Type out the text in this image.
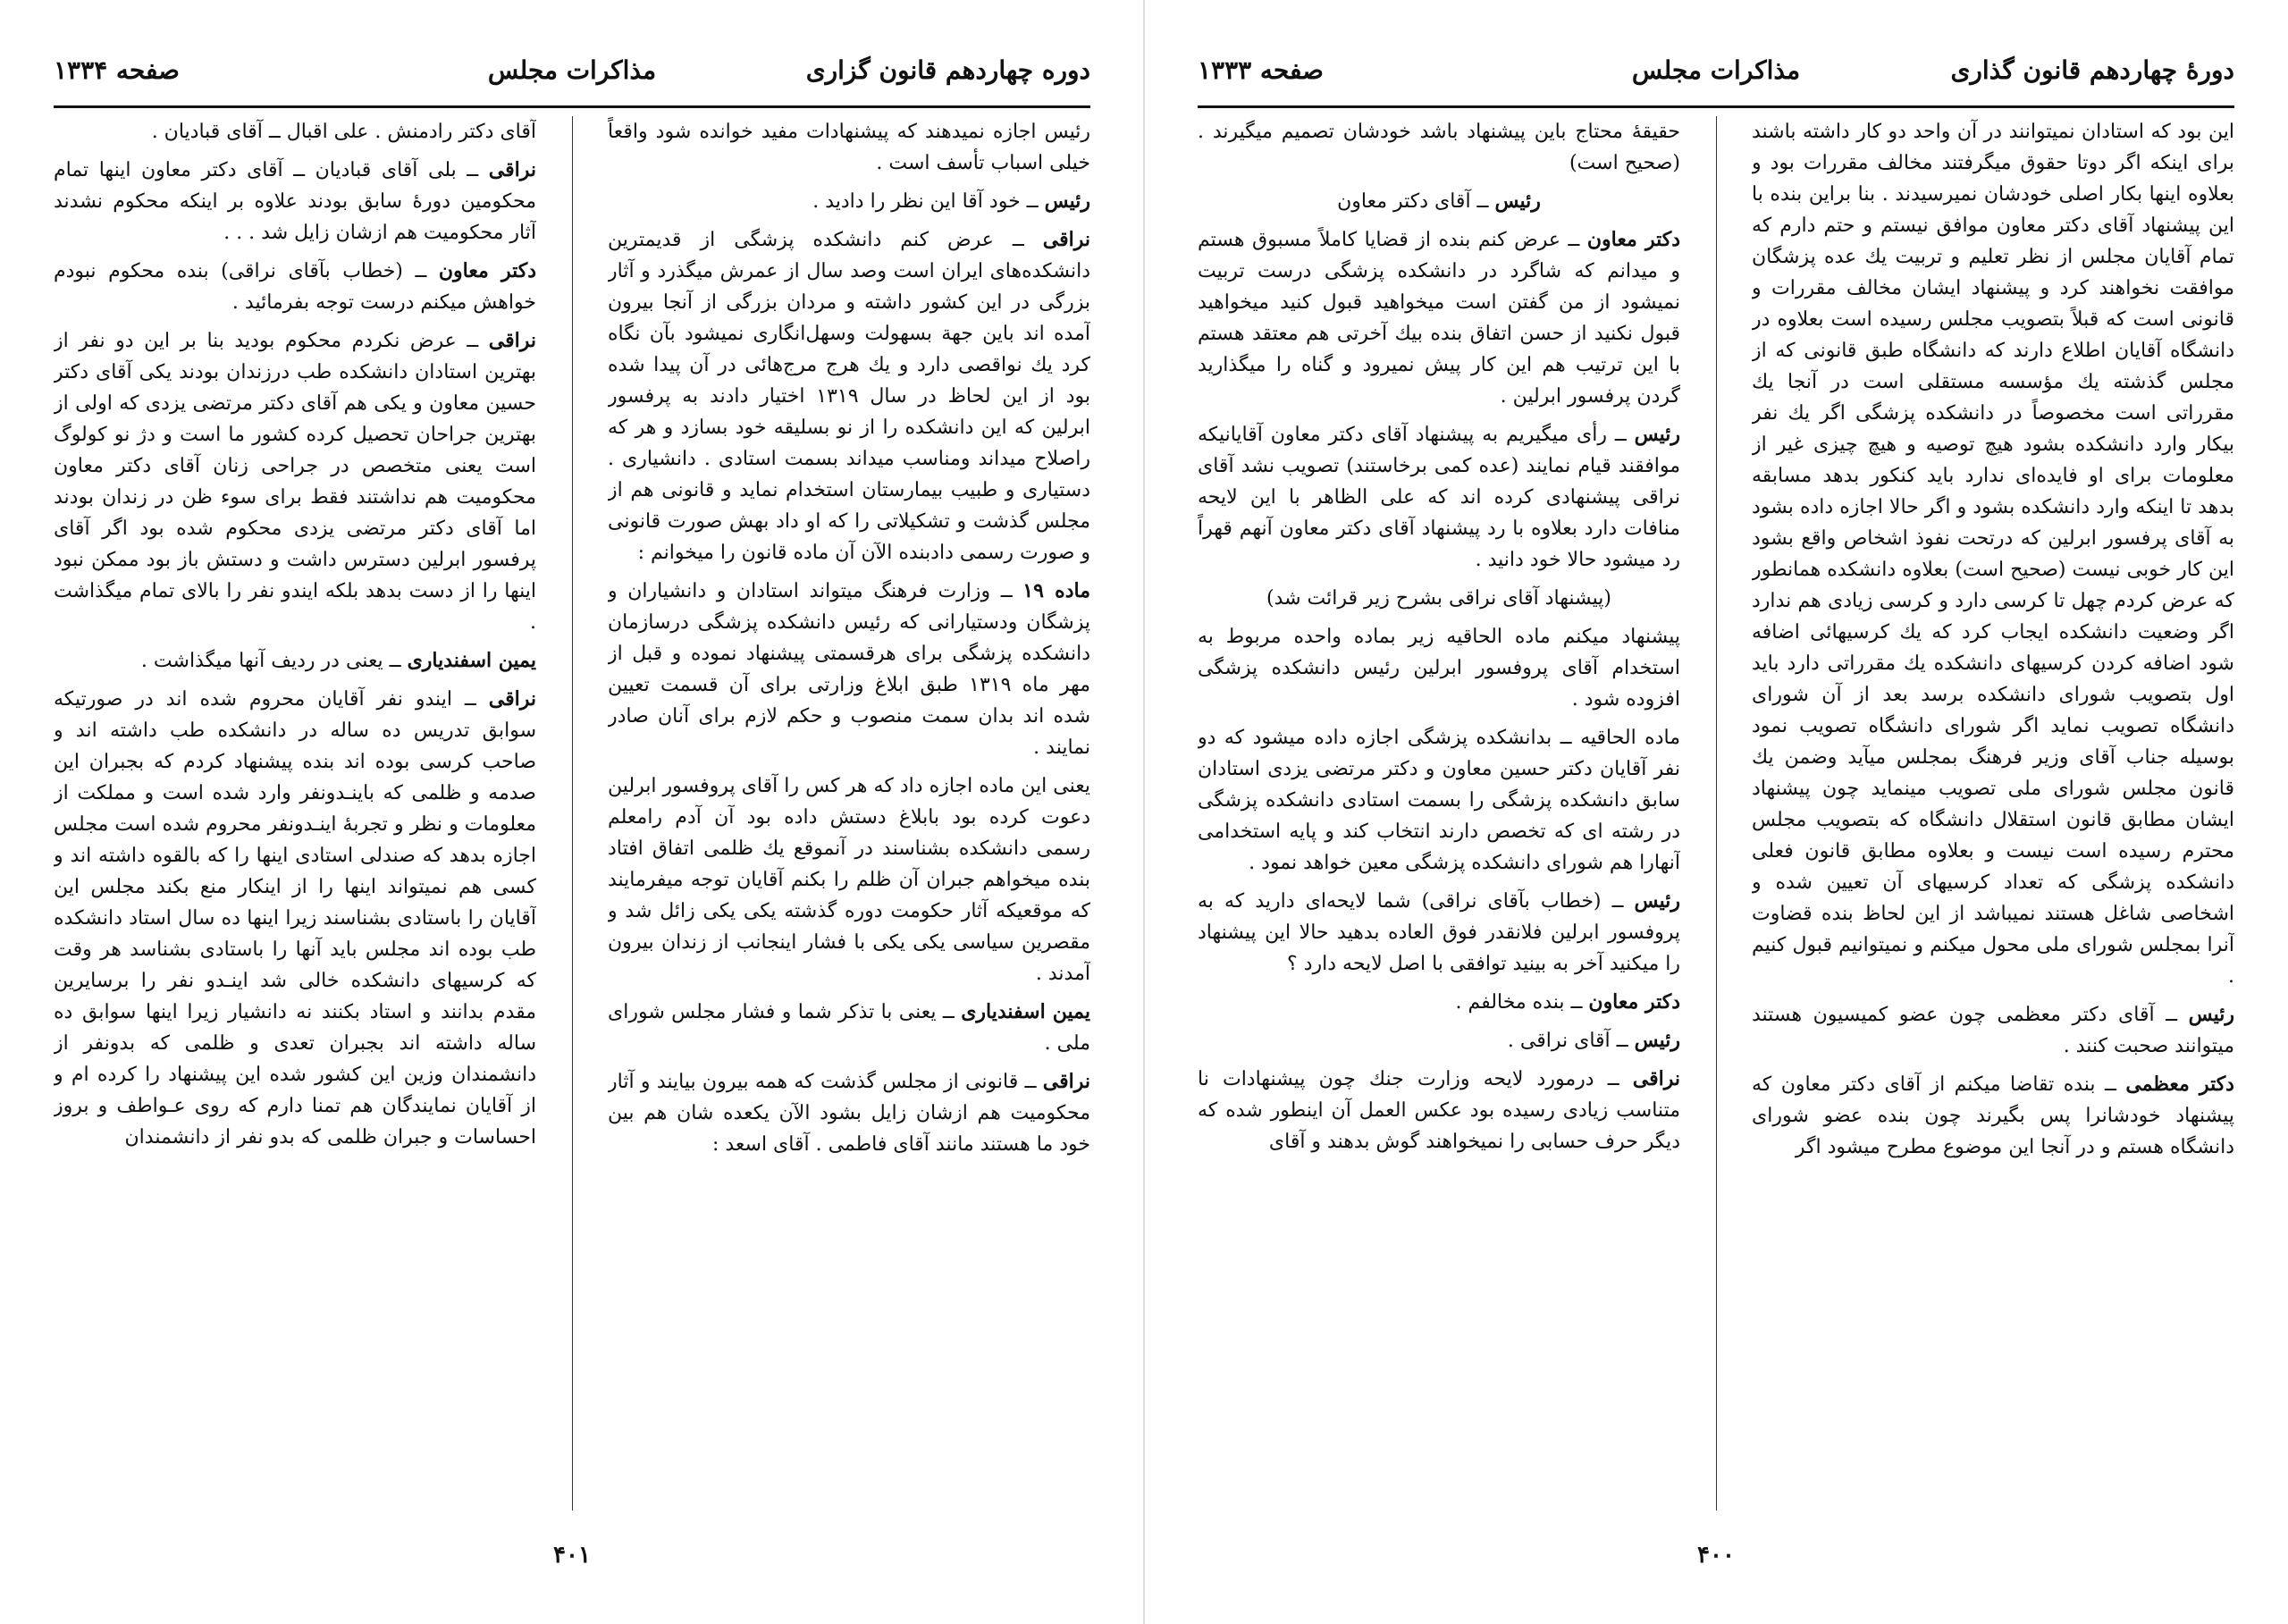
دوره چهاردهم قانون گزاری
مذاکرات مجلس
صفحه ۱۳۳۴

رئیس اجازه نمیدهند که پیشنهادات مفید خوانده شود واقعاً خیلی اسباب تأسف است .

رئیس ــ خود آقا این نظر را دادید .

نراقی ــ عرض کنم دانشکده پزشگی از قدیمترین دانشکده‌های ایران است وصد سال از عمرش میگذرد و آثار بزرگی در این کشور داشته و مردان بزرگی از آنجا بیرون آمده اند باین جهة بسهولت وسهل‌انگاری نمیشود بآن نگاه کرد یك نواقصی دارد و یك هرج مرج‌هائی در آن پیدا شده بود از این لحاظ در سال ۱۳۱۹ اختیار دادند به پرفسور ابرلین که این دانشکده را از نو بسلیقه خود بسازد و هر که راصلاح میداند ومناسب میداند بسمت استادی . دانشیاری . دستیاری و طبیب بیمارستان استخدام نماید و قانونی هم از مجلس گذشت و تشکیلاتی را که او داد بهش صورت قانونی و صورت رسمی دادبنده الآن آن ماده قانون را میخوانم :

ماده ۱۹ ــ وزارت فرهنگ میتواند استادان و دانشیاران و پزشگان ودستیارانی که رئیس دانشکده پزشگی درسازمان دانشکده پزشگی برای هرقسمتی پیشنهاد نموده و قبل از مهر ماه ۱۳۱۹ طبق ابلاغ وزارتی برای آن قسمت تعیین شده اند بدان سمت منصوب و حکم لازم برای آنان صادر نمایند .

یعنی این ماده اجازه داد که هر کس را آقای پروفسور ابرلین دعوت کرده بود بابلاغ دستش داده بود آن آدم رامعلم رسمی دانشکده بشناسند در آنموقع یك ظلمی اتفاق افتاد بنده میخواهم جبران آن ظلم را بکنم آقایان توجه میفرمایند که موقعیکه آثار حکومت دوره گذشته یکی یکی زائل شد و مقصرین سیاسی یکی یکی با فشار اینجانب از زندان بیرون آمدند .

یمین اسفندیاری ــ یعنی با تذکر شما و فشار مجلس شورای ملی .

نراقی ــ قانونی از مجلس گذشت که همه بیرون بیایند و آثار محکومیت هم ازشان زایل بشود الآن یکعده شان هم بین خود ما هستند مانند آقای فاطمی . آقای اسعد :

آقای دکتر رادمنش . علی اقبال ــ آقای قبادیان .

نراقی ــ بلی آقای قبادیان ــ آقای دکتر معاون اینها تمام محکومین دورهٔ سابق بودند علاوه بر اینکه محکوم نشدند آثار محکومیت هم ازشان زایل شد . . .

دکتر معاون ــ (خطاب بآقای نراقی) بنده محکوم نبودم خواهش میکنم درست توجه بفرمائید .

نراقی ــ عرض نکردم محکوم بودید بنا بر این دو نفر از بهترین استادان دانشکده طب درزندان بودند یکی آقای دکتر حسین معاون و یکی هم آقای دکتر مرتضی یزدی که اولی از بهترین جراحان تحصیل کرده کشور ما است و دژ نو کولوگ است یعنی متخصص در جراحی زنان آقای دکتر معاون محکومیت هم نداشتند فقط برای سوء ظن در زندان بودند اما آقای دکتر مرتضی یزدی محکوم شده بود اگر آقای پرفسور ابرلین دسترس داشت و دستش باز بود ممکن نبود اینها را از دست بدهد بلکه ایندو نفر را بالای تمام میگذاشت .

یمین اسفندیاری ــ یعنی در ردیف آنها میگذاشت .

نراقی ــ ایندو نفر آقایان محروم شده اند در صورتیکه سوابق تدریس ده ساله در دانشکده طب داشته اند و صاحب کرسی بوده اند بنده پیشنهاد کردم که بجبران این صدمه و ظلمی که باینـدونفر وارد شده است و مملکت از معلومات و نظر و تجربهٔ اینـدونفر محروم شده است مجلس اجازه بدهد که صندلی استادی اینها را که بالقوه داشته اند و کسی هم نمیتواند اینها را از اینکار منع بکند مجلس این آقایان را باستادی بشناسند زیرا اینها ده سال استاد دانشکده طب بوده اند مجلس باید آنها را باستادی بشناسد هر وقت که کرسیهای دانشکده خالی شد اینـدو نفر را برسایرین مقدم بدانند و استاد بکنند نه دانشیار زیرا اینها سوابق ده ساله داشته اند بجبران تعدی و ظلمی که بدونفر از دانشمندان وزین این کشور شده این پیشنهاد را کرده ام و از آقایان نمایندگان هم تمنا دارم که روی عـواطف و بروز احساسات و جبران ظلمی که بدو نفر از دانشمندان

۴۰۱
دورهٔ چهاردهم قانون گذاری
مذاکرات مجلس
صفحه ۱۳۳۳

این بود که استادان نمیتوانند در آن واحد دو کار داشته باشند برای اینکه اگر دوتا حقوق میگرفتند مخالف مقررات بود و بعلاوه اینها بکار اصلی خودشان نمیرسیدند . بنا براین بنده با این پیشنهاد آقای دکتر معاون موافق نیستم و حتم دارم که تمام آقایان مجلس از نظر تعلیم و تربیت یك عده پزشگان موافقت نخواهند کرد و پیشنهاد ایشان مخالف مقررات و قانونی است که قبلاً بتصویب مجلس رسیده است بعلاوه در دانشگاه آقایان اطلاع دارند که دانشگاه طبق قانونی که از مجلس گذشته یك مؤسسه مستقلی است در آنجا یك مقرراتی است مخصوصاً در دانشکده پزشگی اگر یك نفر بیکار وارد دانشکده بشود هیچ توصیه و هیچ چیزی غیر از معلومات برای او فایده‌ای ندارد باید کنکور بدهد مسابقه بدهد تا اینکه وارد دانشکده بشود و اگر حالا اجازه داده بشود به آقای پرفسور ابرلین که درتحت نفوذ اشخاص واقع بشود این کار خوبی نیست (صحیح است) بعلاوه دانشکده همانطور که عرض کردم چهل تا کرسی دارد و کرسی زیادی هم ندارد اگر وضعیت دانشکده ایجاب کرد که یك کرسیهائی اضافه شود اضافه کردن کرسیهای دانشکده یك مقرراتی دارد باید اول بتصویب شورای دانشکده برسد بعد از آن شورای دانشگاه تصویب نماید اگر شورای دانشگاه تصویب نمود بوسیله جناب آقای وزیر فرهنگ بمجلس میآید وضمن یك قانون مجلس شورای ملی تصویب مینماید چون پیشنهاد ایشان مطابق قانون استقلال دانشگاه که بتصویب مجلس محترم رسیده است نیست و بعلاوه مطابق قانون فعلی دانشکده پزشگی که تعداد کرسیهای آن تعیین شده و اشخاصی شاغل هستند نمیباشد از این لحاظ بنده قضاوت آنرا بمجلس شورای ملی محول میکنم و نمیتوانیم قبول کنیم .

رئیس ــ آقای دکتر معظمی چون عضو کمیسیون هستند میتوانند صحبت کنند .

دکتر معظمی ــ بنده تقاضا میکنم از آقای دکتر معاون که پیشنهاد خودشانرا پس بگیرند چون بنده عضو شورای دانشگاه هستم و در آنجا این موضوع مطرح میشود اگر

حقیقهٔ محتاج باین پیشنهاد باشد خودشان تصمیم میگیرند . (صحیح است)

رئیس ــ آقای دکتر معاون

دکتر معاون ــ عرض کنم بنده از قضایا کاملاً مسبوق هستم و میدانم که شاگرد در دانشکده پزشگی درست تربیت نمیشود از من گفتن است میخواهید قبول کنید میخواهید قبول نکنید از حسن اتفاق بنده بیك آخرتی هم معتقد هستم با این ترتیب هم این کار پیش نمیرود و گناه را میگذارید گردن پرفسور ابرلین .

رئیس ــ رأی میگیریم به پیشنهاد آقای دکتر معاون آقایانیکه موافقند قیام نمایند (عده کمی برخاستند) تصویب نشد آقای نراقی پیشنهادی کرده اند که علی الظاهر با این لایحه منافات دارد بعلاوه با رد پیشنهاد آقای دکتر معاون آنهم قهراً رد میشود حالا خود دانید .

(پیشنهاد آقای نراقی بشرح زیر قرائت شد)

پیشنهاد میکنم ماده الحاقیه زیر بماده واحده مربوط به استخدام آقای پروفسور ابرلین رئیس دانشکده پزشگی افزوده شود .

ماده الحاقیه ــ بدانشکده پزشگی اجازه داده میشود که دو نفر آقایان دکتر حسین معاون و دکتر مرتضی یزدی استادان سابق دانشکده پزشگی را بسمت استادی دانشکده پزشگی در رشته ای که تخصص دارند انتخاب کند و پایه استخدامی آنهارا هم شورای دانشکده پزشگی معین خواهد نمود .

رئیس ــ (خطاب بآقای نراقی) شما لایحه‌ای دارید که به پروفسور ابرلین فلانقدر فوق العاده بدهید حالا این پیشنهاد را میکنید آخر به بینید توافقی با اصل لایحه دارد ؟

دکتر معاون ــ بنده مخالفم .

رئیس ــ آقای نراقی .

نراقی ــ درمورد لایحه وزارت جنك چون پیشنهادات نا متناسب زیادی رسیده بود عکس العمل آن اینطور شده که دیگر حرف حسابی را نمیخواهند گوش بدهند و آقای

۴۰۰
